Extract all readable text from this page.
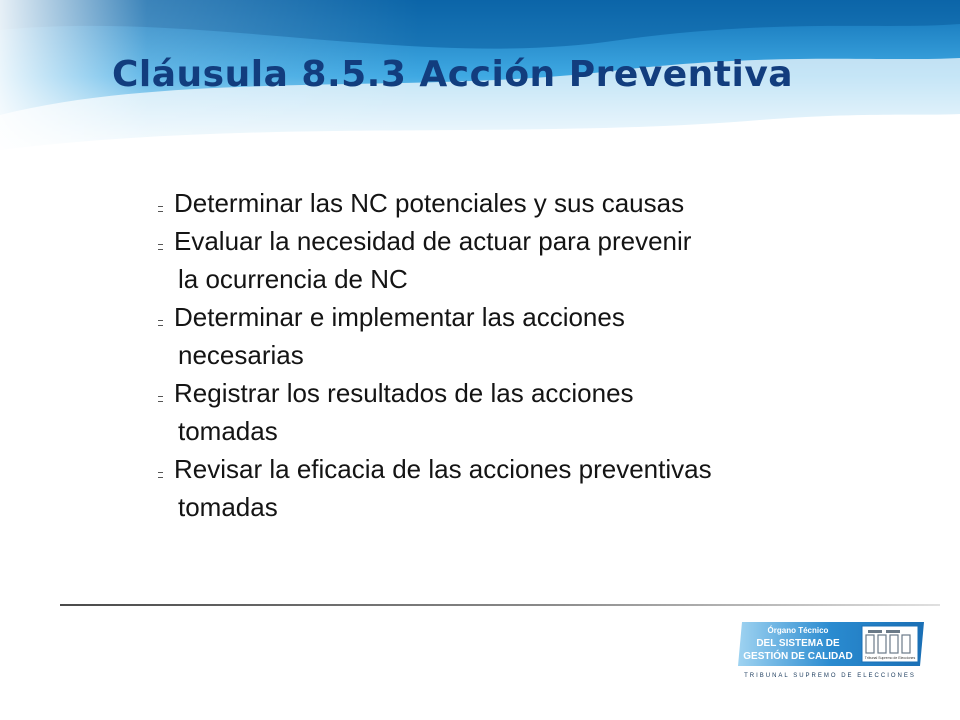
Cláusula 8.5.3 Acción Preventiva
Determinar las NC potenciales y sus causas
Evaluar la necesidad de actuar para prevenir
la ocurrencia de NC
Determinar e implementar las acciones
necesarias
Registrar los resultados de las acciones
tomadas
Revisar la eficacia de las acciones preventivas
tomadas
Tribunal Supremo de Elecciones
Órgano Técnico
DEL SISTEMA DE
GESTIÓN DE CALIDAD
TRIBUNAL SUPREMO DE ELECCIONES
